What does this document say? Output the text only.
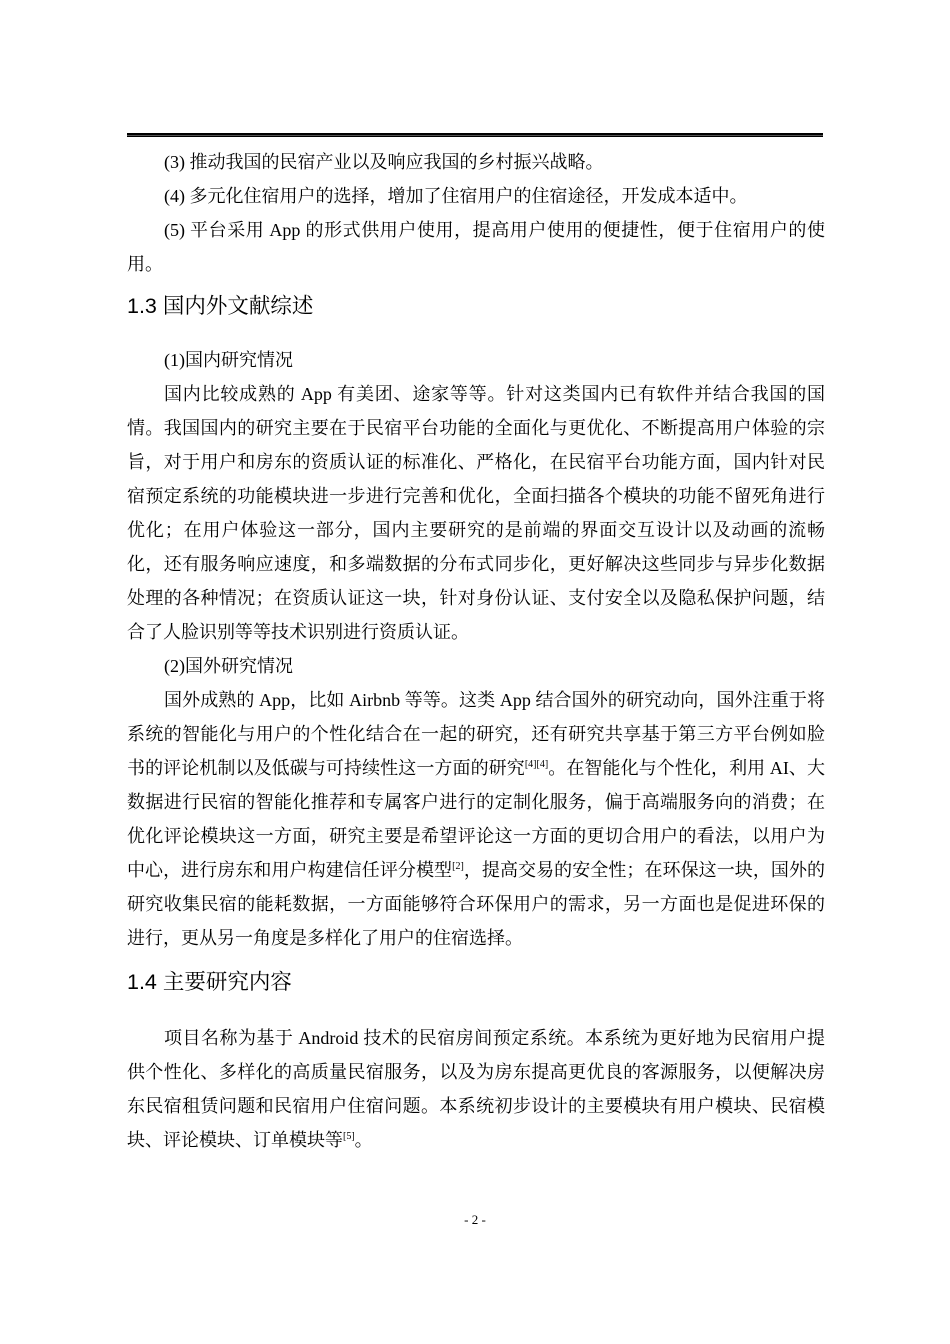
(3) 推动我国的民宿产业以及响应我国的乡村振兴战略。

(4) 多元化住宿用户的选择，增加了住宿用户的住宿途径，开发成本适中。

(5) 平台采用 App 的形式供用户使用，提高用户使用的便捷性，便于住宿用户的使用。

1.3 国内外文献综述

(1)国内研究情况

国内比较成熟的 App 有美团、途家等等。针对这类国内已有软件并结合我国的国情。我国国内的研究主要在于民宿平台功能的全面化与更优化、不断提高用户体验的宗旨，对于用户和房东的资质认证的标准化、严格化，在民宿平台功能方面，国内针对民宿预定系统的功能模块进一步进行完善和优化，全面扫描各个模块的功能不留死角进行优化；在用户体验这一部分，国内主要研究的是前端的界面交互设计以及动画的流畅化，还有服务响应速度，和多端数据的分布式同步化，更好解决这些同步与异步化数据处理的各种情况；在资质认证这一块，针对身份认证、支付安全以及隐私保护问题，结合了人脸识别等等技术识别进行资质认证。

(2)国外研究情况

国外成熟的 App，比如 Airbnb 等等。这类 App 结合国外的研究动向，国外注重于将系统的智能化与用户的个性化结合在一起的研究，还有研究共享基于第三方平台例如脸书的评论机制以及低碳与可持续性这一方面的研究[4][4]。在智能化与个性化，利用 AI、大数据进行民宿的智能化推荐和专属客户进行的定制化服务，偏于高端服务向的消费；在优化评论模块这一方面，研究主要是希望评论这一方面的更切合用户的看法，以用户为中心，进行房东和用户构建信任评分模型[2]，提高交易的安全性；在环保这一块，国外的研究收集民宿的能耗数据，一方面能够符合环保用户的需求，另一方面也是促进环保的进行，更从另一角度是多样化了用户的住宿选择。

1.4 主要研究内容

项目名称为基于 Android 技术的民宿房间预定系统。本系统为更好地为民宿用户提供个性化、多样化的高质量民宿服务，以及为房东提高更优良的客源服务，以便解决房东民宿租赁问题和民宿用户住宿问题。本系统初步设计的主要模块有用户模块、民宿模块、评论模块、订单模块等[5]。

- 2 -
